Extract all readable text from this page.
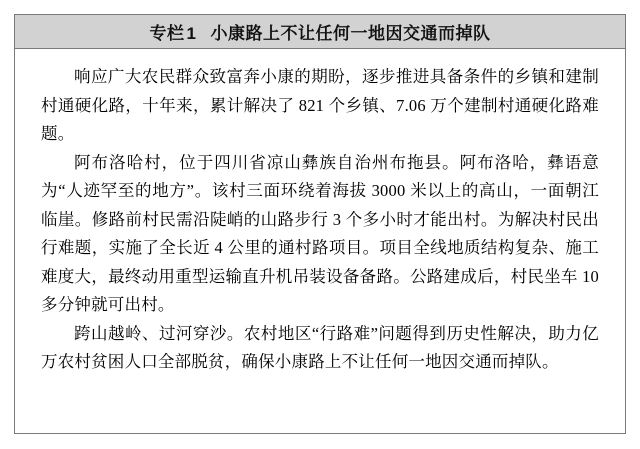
专栏 1 小康路上不让任何一地因交通而掉队

响应广大农民群众致富奔小康的期盼，逐步推进具备条件的乡镇和建制村通硬化路，十年来，累计解决了 821 个乡镇、7.06 万个建制村通硬化路难题。

阿布洛哈村，位于四川省凉山彝族自治州布拖县。阿布洛哈，彝语意为“人迹罕至的地方”。该村三面环绕着海拔 3000 米以上的高山，一面朝江临崖。修路前村民需沿陡峭的山路步行 3 个多小时才能出村。为解决村民出行难题，实施了全长近 4 公里的通村路项目。项目全线地质结构复杂、施工难度大，最终动用重型运输直升机吊装设备备路。公路建成后，村民坐车 10 多分钟就可出村。

跨山越岭、过河穿沙。农村地区“行路难”问题得到历史性解决，助力亿万农村贫困人口全部脱贫，确保小康路上不让任何一地因交通而掉队。
